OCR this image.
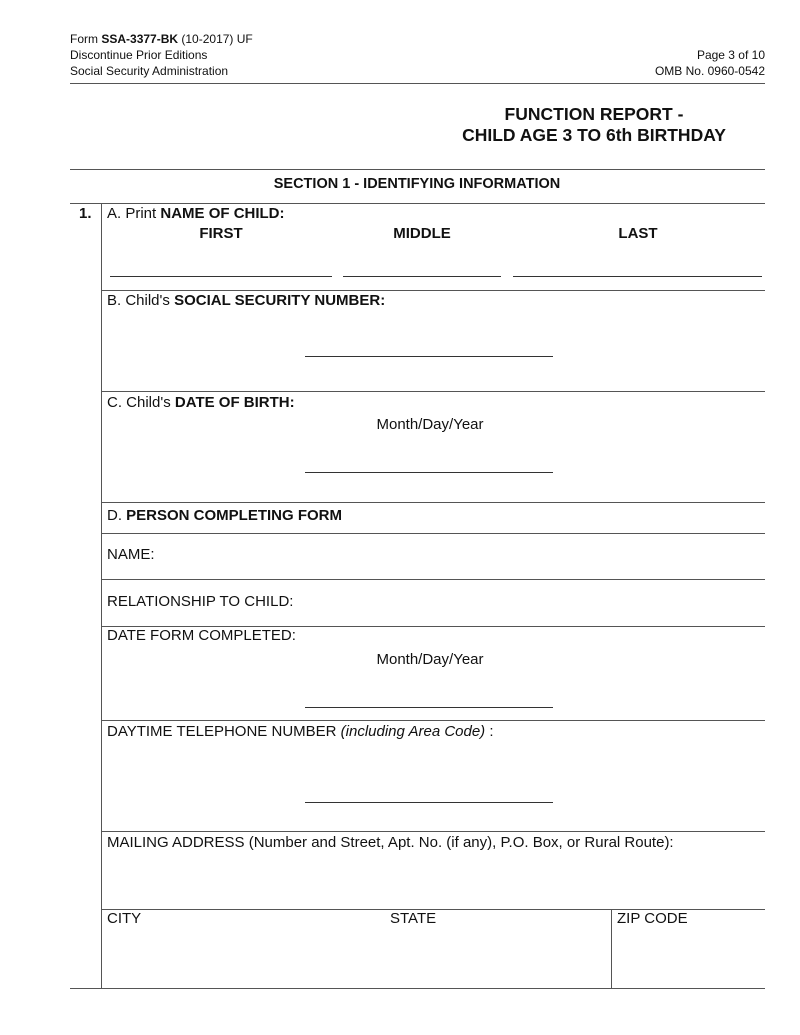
Form SSA-3377-BK (10-2017) UF
Discontinue Prior Editions
Social Security Administration
Page 3 of 10
OMB No. 0960-0542
FUNCTION REPORT -
CHILD AGE 3 TO 6th BIRTHDAY
SECTION 1 - IDENTIFYING INFORMATION
1. A. Print NAME OF CHILD:
FIRST	MIDDLE	LAST
B. Child's SOCIAL SECURITY NUMBER:
C. Child's DATE OF BIRTH:
Month/Day/Year
D. PERSON COMPLETING FORM
NAME:
RELATIONSHIP TO CHILD:
DATE FORM COMPLETED:
Month/Day/Year
DAYTIME TELEPHONE NUMBER (including Area Code) :
MAILING ADDRESS (Number and Street, Apt. No. (if any), P.O. Box, or Rural Route):
CITY	STATE	ZIP CODE
